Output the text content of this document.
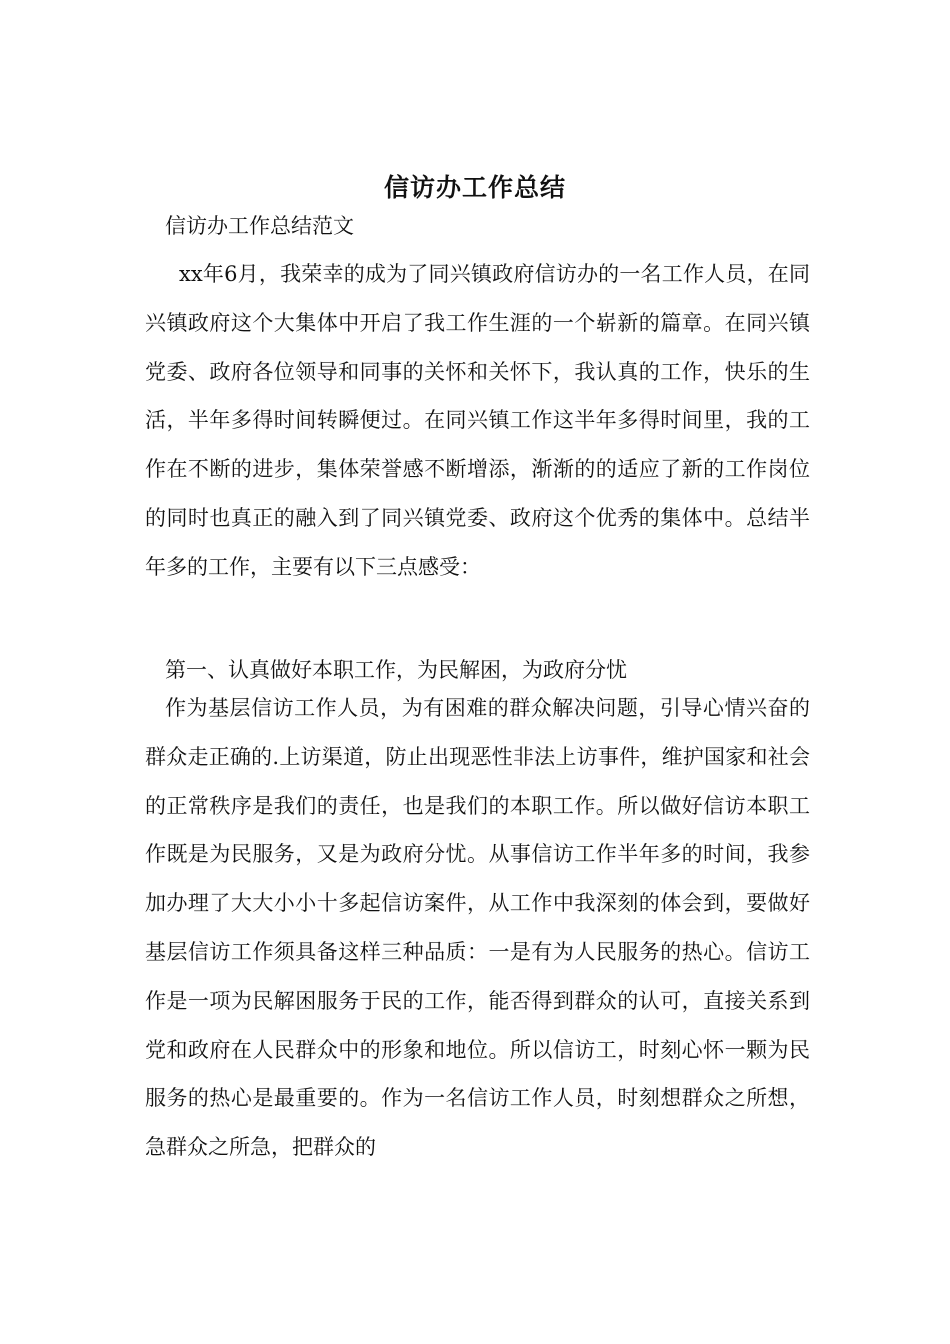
信访办工作总结
信访办工作总结范文

xx年6月，我荣幸的成为了同兴镇政府信访办的一名工作人员，在同兴镇政府这个大集体中开启了我工作生涯的一个崭新的篇章。在同兴镇党委、政府各位领导和同事的关怀和关怀下，我认真的工作，快乐的生活，半年多得时间转瞬便过。在同兴镇工作这半年多得时间里，我的工作在不断的进步，集体荣誉感不断增添，渐渐的的适应了新的工作岗位的同时也真正的融入到了同兴镇党委、政府这个优秀的集体中。总结半年多的工作，主要有以下三点感受：

第一、认真做好本职工作，为民解困，为政府分忧

作为基层信访工作人员，为有困难的群众解决问题，引导心情兴奋的群众走正确的.上访渠道，防止出现恶性非法上访事件，维护国家和社会的正常秩序是我们的责任，也是我们的本职工作。所以做好信访本职工作既是为民服务，又是为政府分忧。从事信访工作半年多的时间，我参加办理了大大小小十多起信访案件，从工作中我深刻的体会到，要做好基层信访工作须具备这样三种品质：一是有为人民服务的热心。信访工作是一项为民解困服务于民的工作，能否得到群众的认可，直接关系到党和政府在人民群众中的形象和地位。所以信访工，时刻心怀一颗为民服务的热心是最重要的。作为一名信访工作人员，时刻想群众之所想，急群众之所急，把群众的
